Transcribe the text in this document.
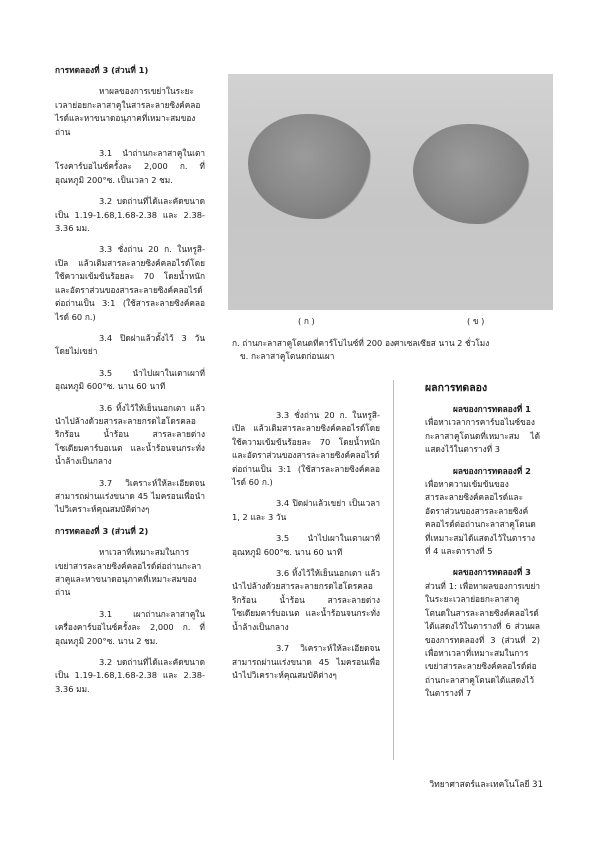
การทดลองที่ 3 (ส่วนที่ 1)

หาผลของการเขย่าในระยะเวลาย่อยกะลาสาคูในสารละลายซิงค์คลอไรด์และหาขนาดอนุภาคที่เหมาะสมของถ่าน

3.1 นำถ่านกะลาสาคูในเตาโรงคาร์บอไนซ์ครั้งละ 2,000 ก. ที่อุณหภูมิ 200°ซ. เป็นเวลา 2 ชม.

3.2 บดถ่านที่ได้และคัดขนาดเป็น 1.19-1.68,1.68-2.38 และ 2.38-3.36 มม.

3.3 ชั่งถ่าน 20 ก. ในหรูสิ-เปิล แล้วเติมสารละลายซิงค์คลอไรด์โดยใช้ความเข้มข้นร้อยละ 70 โดยน้ำหนัก และอัตราส่วนของสารละลายซิงค์คลอไรด์ต่อถ่านเป็น 3:1 (ใช้สารละลายซิงค์คลอไรด์ 60 ก.)

3.4 ปิดฝาแล้วตั้งไว้ 3 วัน โดยไม่เขย่า

3.5 นำไปเผาในเตาเผาที่อุณหภูมิ 600°ซ. นาน 60 นาที

3.6 ทิ้งไว้ให้เย็นนอกเตา แล้วนำไปล้างด้วยสารละลายกรดไฮโดรคลอริกร้อน น้ำร้อน สารละลายด่างโซเดียมคาร์บอเนต และน้ำร้อนจนกระทั่งน้ำล้างเป็นกลาง

3.7 วิเคราะห์ให้ละเอียดจนสามารถผ่านแร่งขนาด 45 ไมครอนเพื่อนำไปวิเคราะห์คุณสมบัติต่างๆ

การทดลองที่ 3 (ส่วนที่ 2)

หาเวลาที่เหมาะสมในการเขย่าสารละลายซิงค์คลอไรด์ต่อถ่านกะลาสาคูและหาขนาดอนุภาคที่เหมาะสมของถ่าน

3.1 เผาถ่านกะลาสาคูในเครื่องคาร์บอไนซ์ครั้งละ 2,000 ก. ที่อุณหภูมิ 200°ซ. นาน 2 ชม.

3.2 บดถ่านที่ได้และคัดขนาดเป็น 1.19-1.68,1.68-2.38 และ 2.38-3.36 มม.

( ก )	( ข )
ก. ถ่านกะลาสาคูโตนดที่คาร์โบไนซ์ที่ 200 องศาเซลเซียส นาน 2 ชั่วโมง
ข. กะลาสาคูโตนดก่อนเผา

3.3 ชั่งถ่าน 20 ก. ในหรูสิ-เปิล แล้วเติมสารละลายซิงค์คลอไรด์โดยใช้ความเข้มข้นร้อยละ 70 โดยน้ำหนัก และอัตราส่วนของสารละลายซิงค์คลอไรด์ต่อถ่านเป็น 3:1 (ใช้สารละลายซิงค์คลอไรด์ 60 ก.)

3.4 ปิดฝาแล้วเขย่า เป็นเวลา 1, 2 และ 3 วัน

3.5 นำไปเผาในเตาเผาที่อุณหภูมิ 600°ซ. นาน 60 นาที

3.6 ทิ้งไว้ให้เย็นนอกเตา แล้วนำไปล้างด้วยสารละลายกรดไฮโดรคลอริกร้อน น้ำร้อน สารละลายด่างโซเดียมคาร์บอเนต และน้ำร้อนจนกระทั่งน้ำล้างเป็นกลาง

3.7 วิเคราะห์ให้ละเอียดจนสามารถผ่านแร่งขนาด 45 ไมครอนเพื่อนำไปวิเคราะห์คุณสมบัติต่างๆ

ผลการทดลอง

ผลของการทดลองที่ 1

เพื่อหาเวลาการคาร์บอไนซ์ของกะลาสาคูโตนดที่เหมาะสม ได้แสดงไว้ในตารางที่ 3

ผลของการทดลองที่ 2

เพื่อหาความเข้มข้นของสารละลายซิงค์คลอไรด์และอัตราส่วนของสารละลายซิงค์คลอไรด์ต่อถ่านกะลาสาคูโตนด ที่เหมาะสมได้แสดงไว้ในตารางที่ 4 และตารางที่ 5

ผลของการทดลองที่ 3

ส่วนที่ 1: เพื่อหาผลของการเขย่าในระยะเวลาย่อยกะลาสาคูโตนดในสารละลายซิงค์คลอไรด์ ได้แสดงไว้ในตารางที่ 6 ส่วนผลของการทดลองที่ 3 (ส่วนที่ 2) เพื่อหาเวลาที่เหมาะสมในการเขย่าสารละลายซิงค์คลอไรด์ต่อถ่านกะลาสาคูโตนดได้แสดงไว้ในตารางที่ 7

วิทยาศาสตร์และเทคโนโลยี 31
